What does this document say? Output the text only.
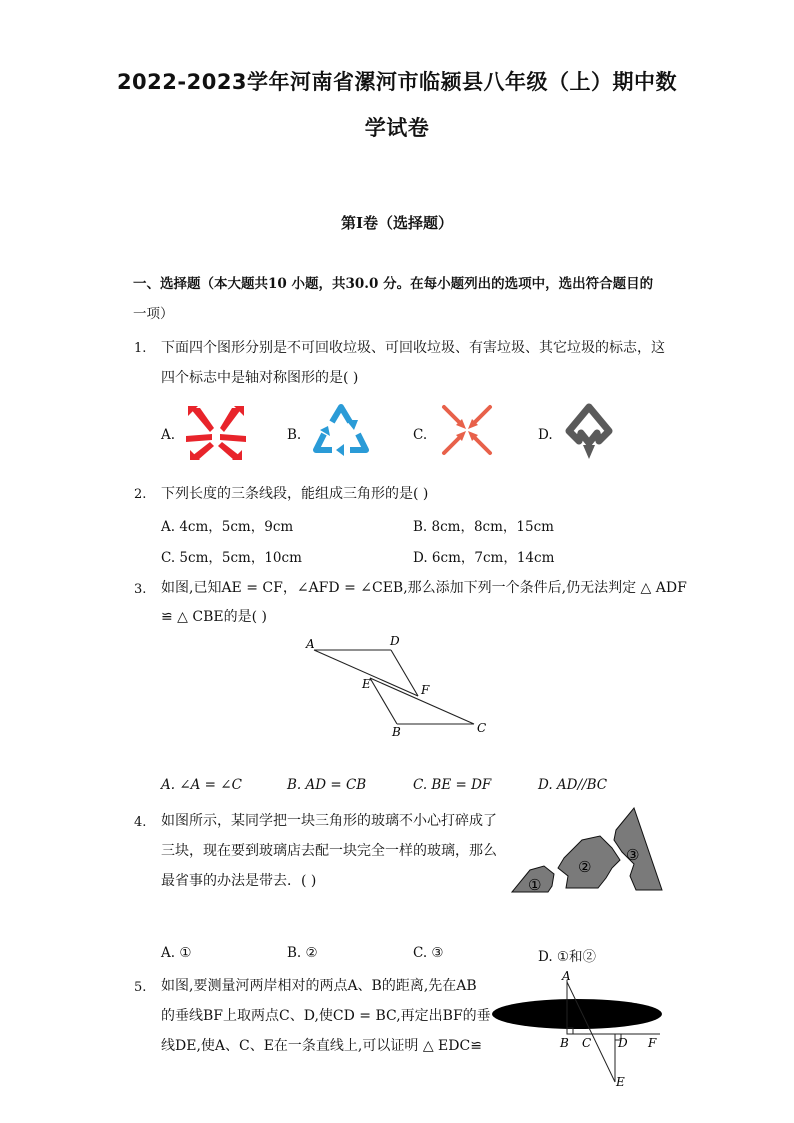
2022-2023学年河南省漯河市临颍县八年级（上）期中数
学试卷
第I卷（选择题）
一、选择题（本大题共10 小题，共30.0 分。在每小题列出的选项中，选出符合题目的
一项）
1. 下面四个图形分别是不可回收垃圾、可回收垃圾、有害垃圾、其它垃圾的标志，这
四个标志中是轴对称图形的是( )
A.	B.	C.	D.
2. 下列长度的三条线段，能组成三角形的是( )
A. 4cm，5cm，9cm	B. 8cm，8cm，15cm
C. 5cm，5cm，10cm	D. 6cm，7cm，14cm
3. 如图,已知AE = CF，∠AFD = ∠CEB,那么添加下列一个条件后,仍无法判定 △ ADF
≌ △ CBE的是( )
A	D
E	F
B	C
A. ∠A = ∠C	B. AD = CB	C. BE = DF	D. AD//BC
4. 如图所示，某同学把一块三角形的玻璃不小心打碎成了
三块，现在要到玻璃店去配一块完全一样的玻璃，那么
最省事的办法是带去．( )	①
②
③
A. ①	B. ②	C. ③	D. ①和②
5. 如图,要测量河两岸相对的两点A、B的距离,先在AB
的垂线BF上取两点C、D,使CD = BC,再定出BF的垂
线DE,使A、C、E在一条直线上,可以证明 △ EDC≌
A
B C D F
E
